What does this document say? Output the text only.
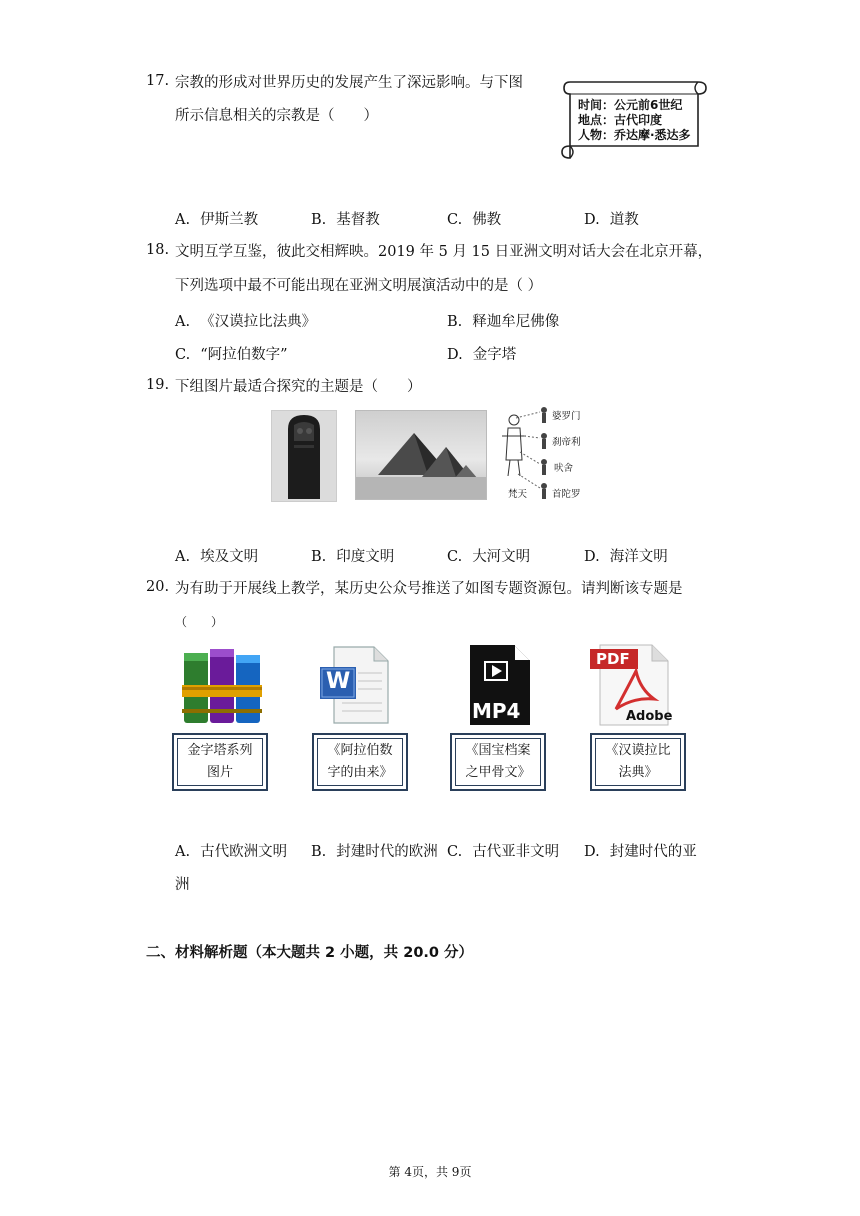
17. 宗教的形成对世界历史的发展产生了深远影响。与下图
所示信息相关的宗教是（　　）
时间：公元前6世纪
地点：古代印度
人物：乔达摩·悉达多
A. 伊斯兰教	B. 基督教	C. 佛教	D. 道教
18. 文明互学互鉴，彼此交相辉映。2019 年 5 月 15 日亚洲文明对话大会在北京开幕，
下列选项中最不可能出现在亚洲文明展演活动中的是（ ）
A. 《汉谟拉比法典》	B. 释迦牟尼佛像
C. “阿拉伯数字”	D. 金字塔
19. 下组图片最适合探究的主题是（　　）
婆罗门
刹帝利
吠舍
首陀罗
梵天
A. 埃及文明	B. 印度文明	C. 大河文明	D. 海洋文明
20. 为有助于开展线上教学，某历史公众号推送了如图专题资源包。请判断该专题是
（　　）
W
MP4
PDF
Adobe
金字塔系列
图片
《阿拉伯数
字的由来》
《国宝档案
之甲骨文》
《汉谟拉比
法典》
A. 古代欧洲文明 B. 封建时代的欧洲 C. 古代亚非文明 D. 封建时代的亚
洲
二、材料解析题（本大题共 2 小题，共 20.0 分）
第 4页，共 9页
